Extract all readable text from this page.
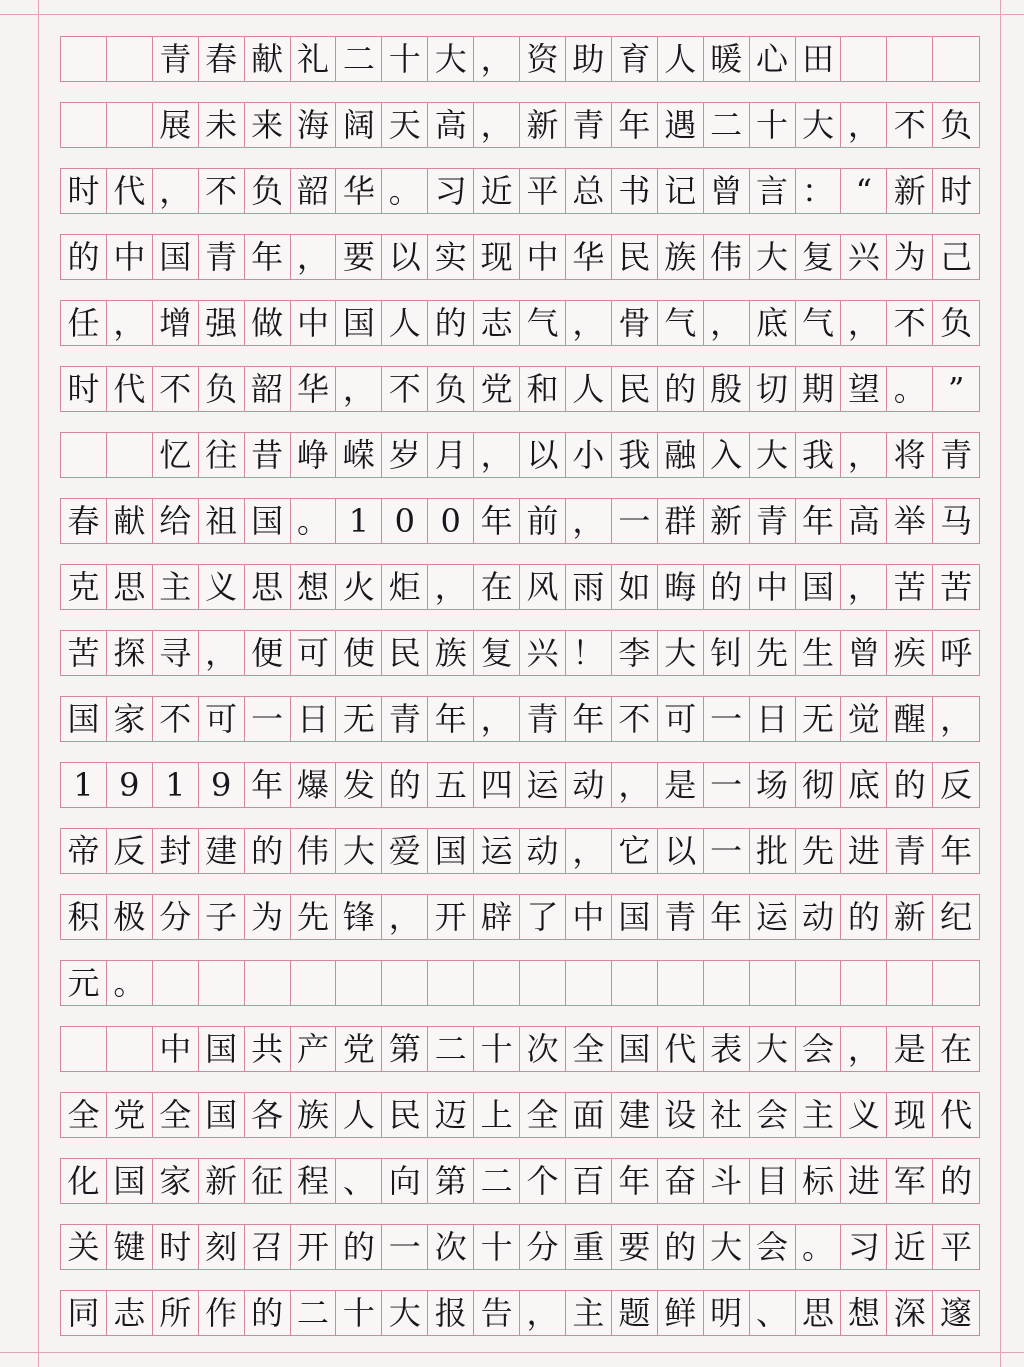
青 春 献 礼 二 十 大 ， 资 助 育 人 暖 心 田
展 未 来 海 阔 天 高 ， 新 青 年 遇 二 十 大 ， 不 负
时 代 ， 不 负 韶 华 。 习 近 平 总 书 记 曾 言 ： “ 新 时
的 中 国 青 年 ， 要 以 实 现 中 华 民 族 伟 大 复 兴 为 己
任 ， 增 强 做 中 国 人 的 志 气 ， 骨 气 ， 底 气 ， 不 负
时 代 不 负 韶 华 ， 不 负 党 和 人 民 的 殷 切 期 望 。 ”
忆 往 昔 峥 嵘 岁 月 ， 以 小 我 融 入 大 我 ， 将 青
春 献 给 祖 国 。 1 0 0 年 前 ， 一 群 新 青 年 高 举 马
克 思 主 义 思 想 火 炬 ， 在 风 雨 如 晦 的 中 国 ， 苦 苦
苦 探 寻 ， 便 可 使 民 族 复 兴 ！ 李 大 钊 先 生 曾 疾 呼
国 家 不 可 一 日 无 青 年 ， 青 年 不 可 一 日 无 觉 醒 ，
1 9 1 9 年 爆 发 的 五 四 运 动 ， 是 一 场 彻 底 的 反
帝 反 封 建 的 伟 大 爱 国 运 动 ， 它 以 一 批 先 进 青 年
积 极 分 子 为 先 锋 ， 开 辟 了 中 国 青 年 运 动 的 新 纪
元 。
中 国 共 产 党 第 二 十 次 全 国 代 表 大 会 ， 是 在
全 党 全 国 各 族 人 民 迈 上 全 面 建 设 社 会 主 义 现 代
化 国 家 新 征 程 、 向 第 二 个 百 年 奋 斗 目 标 进 军 的
关 键 时 刻 召 开 的 一 次 十 分 重 要 的 大 会 。 习 近 平
同 志 所 作 的 二 十 大 报 告 ， 主 题 鲜 明 、 思 想 深 邃
